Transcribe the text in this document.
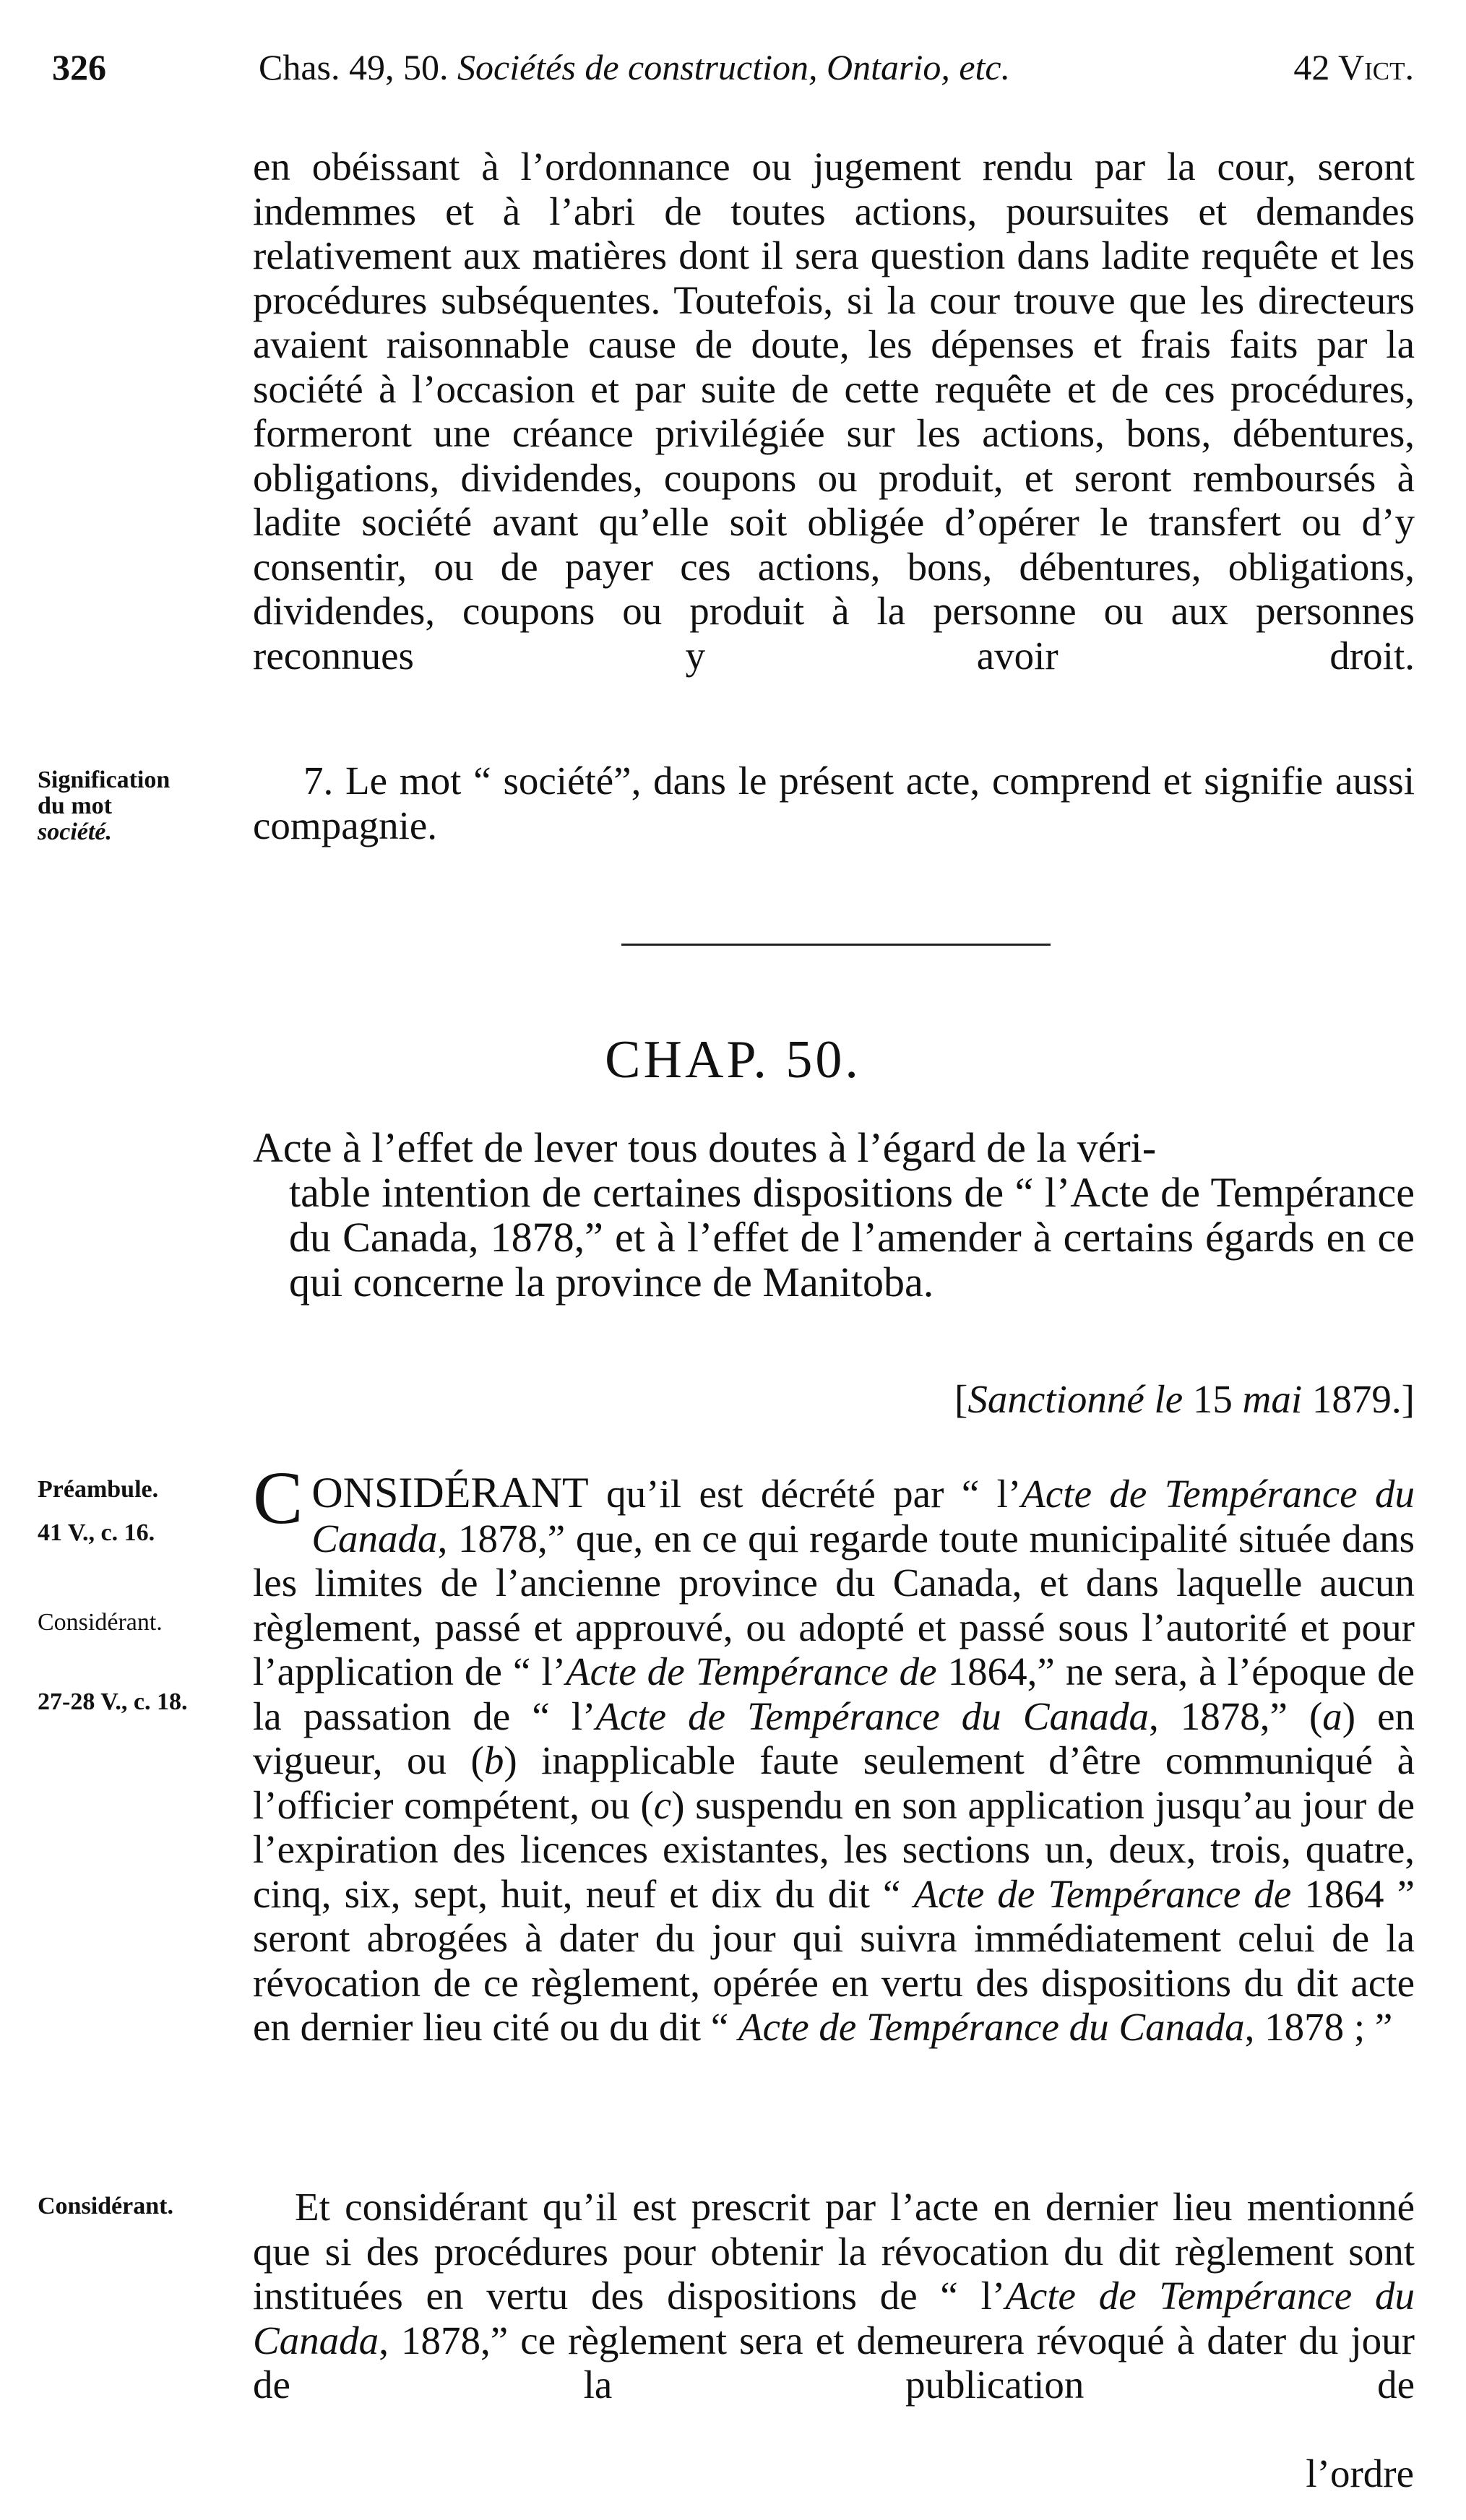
326	Chas. 49, 50. Sociétés de construction, Ontario, etc.	42 Vict.
en obéissant à l’ordonnance ou jugement rendu par la cour, seront indemmes et à l’abri de toutes actions, poursuites et demandes relativement aux matières dont il sera question dans ladite requête et les procédures subséquentes. Toutefois, si la cour trouve que les directeurs avaient raisonnable cause de doute, les dépenses et frais faits par la société à l’occasion et par suite de cette requête et de ces procédures, formeront une créance privilégiée sur les actions, bons, débentures, obligations, dividendes, coupons ou produit, et seront remboursés à ladite société avant qu’elle soit obligée d’opérer le transfert ou d’y consentir, ou de payer ces actions, bons, débentures, obligations, dividendes, coupons ou produit à la personne ou aux personnes reconnues y avoir droit.
Signification
du mot
société.
7. Le mot “ société”, dans le présent acte, comprend et signifie aussi compagnie.
CHAP. 50.
Acte à l’effet de lever tous doutes à l’égard de la véri-
table intention de certaines dispositions de “ l’Acte de Tempérance du Canada, 1878,” et à l’effet de l’amender à certains égards en ce qui concerne la province de Manitoba.
[Sanctionné le 15 mai 1879.]
Préambule.
41 V., c. 16.
Considérant.
27-28 V., c. 18.
CONSIDÉRANT qu’il est décrété par “ l’Acte de Tempérance du Canada, 1878,” que, en ce qui regarde toute municipalité située dans les limites de l’ancienne province du Canada, et dans laquelle aucun règlement, passé et approuvé, ou adopté et passé sous l’autorité et pour l’application de “ l’Acte de Tempérance de 1864,” ne sera, à l’époque de la passation de “ l’Acte de Tempérance du Canada, 1878,” (a) en vigueur, ou (b) inapplicable faute seulement d’être communiqué à l’officier compétent, ou (c) suspendu en son application jusqu’au jour de l’expiration des licences existantes, les sections un, deux, trois, quatre, cinq, six, sept, huit, neuf et dix du dit “ Acte de Tempérance de 1864 ” seront abrogées à dater du jour qui suivra immédiatement celui de la révocation de ce règlement, opérée en vertu des dispositions du dit acte en dernier lieu cité ou du dit “ Acte de Tempérance du Canada, 1878 ; ”
Considérant.	Et considérant qu’il est prescrit par l’acte en dernier lieu mentionné que si des procédures pour obtenir la révocation du dit règlement sont instituées en vertu des dispositions de “ l’Acte de Tempérance du Canada, 1878,” ce règlement sera et demeurera révoqué à dater du jour de la publication de
l’ordre
